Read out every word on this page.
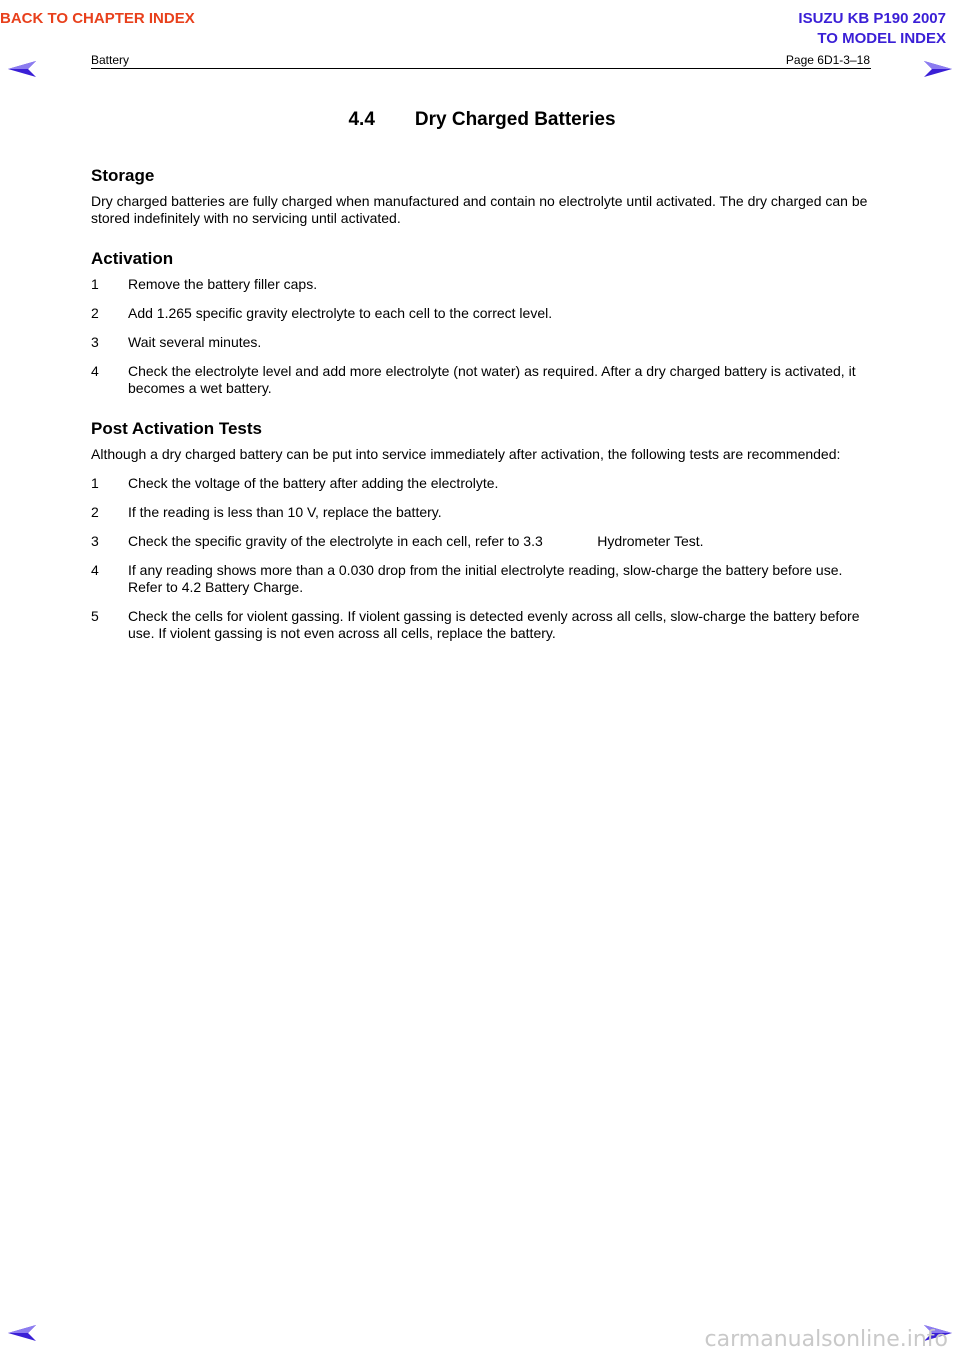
BACK TO CHAPTER INDEX	ISUZU KB P190 2007
TO MODEL INDEX
Battery	Page 6D1-3–18
4.4 Dry Charged Batteries
Storage

Dry charged batteries are fully charged when manufactured and contain no electrolyte until activated. The dry charged can be stored indefinitely with no servicing until activated.

Activation
1 Remove the battery filler caps.
2 Add 1.265 specific gravity electrolyte to each cell to the correct level.
3 Wait several minutes.
4 Check the electrolyte level and add more electrolyte (not water) as required. After a dry charged battery is activated, it becomes a wet battery.
Post Activation Tests

Although a dry charged battery can be put into service immediately after activation, the following tests are recommended:

1 Check the voltage of the battery after adding the electrolyte.
2 If the reading is less than 10 V, replace the battery.
3 Check the specific gravity of the electrolyte in each cell, refer to 3.3              Hydrometer Test.
4 If any reading shows more than a 0.030 drop from the initial electrolyte reading, slow-charge the battery before use. Refer to 4.2 Battery Charge.
5 Check the cells for violent gassing. If violent gassing is detected evenly across all cells, slow-charge the battery before use. If violent gassing is not even across all cells, replace the battery.
carmanualsonline.info
